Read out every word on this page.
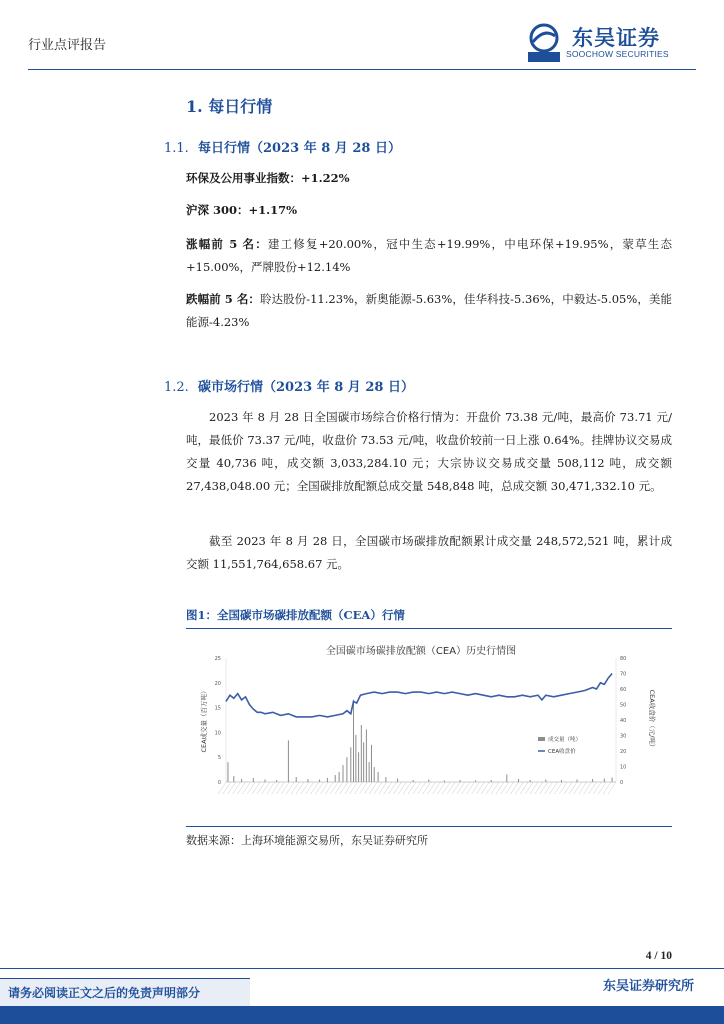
行业点评报告	东吴证券
SOOCHOW SECURITIES
1. 每日行情
1.1. 每日行情（2023 年 8 月 28 日）
环保及公用事业指数：+1.22%
沪深 300：+1.17%
涨幅前 5 名：建工修复+20.00%，冠中生态+19.99%，中电环保+19.95%，蒙草生态+15.00%，严牌股份+12.14%
跌幅前 5 名：聆达股份-11.23%，新奥能源-5.63%，佳华科技-5.36%，中毅达-5.05%，美能能源-4.23%
1.2. 碳市场行情（2023 年 8 月 28 日）
2023 年 8 月 28 日全国碳市场综合价格行情为：开盘价 73.38 元/吨，最高价 73.71 元/吨，最低价 73.37 元/吨，收盘价 73.53 元/吨，收盘价较前一日上涨 0.64%。挂牌协议交易成交量 40,736 吨，成交额 3,033,284.10 元；大宗协议交易成交量 508,112 吨，成交额 27,438,048.00 元；全国碳排放配额总成交量 548,848 吨，总成交额 30,471,332.10 元。
截至 2023 年 8 月 28 日，全国碳市场碳排放配额累计成交量 248,572,521 吨，累计成交额 11,551,764,658.67 元。
图1：全国碳市场碳排放配额（CEA）行情
全国碳市场碳排放配额（CEA）历史行情图
0
5
10
15
20
25
0
10
20
30
40
50
60
70
80
CEA成交量（百万吨）	CEA收盘价（元/吨）
成交量（吨）
CEA收盘价
数据来源：上海环境能源交易所，东吴证券研究所
4 / 10
东吴证券研究所
请务必阅读正文之后的免责声明部分
